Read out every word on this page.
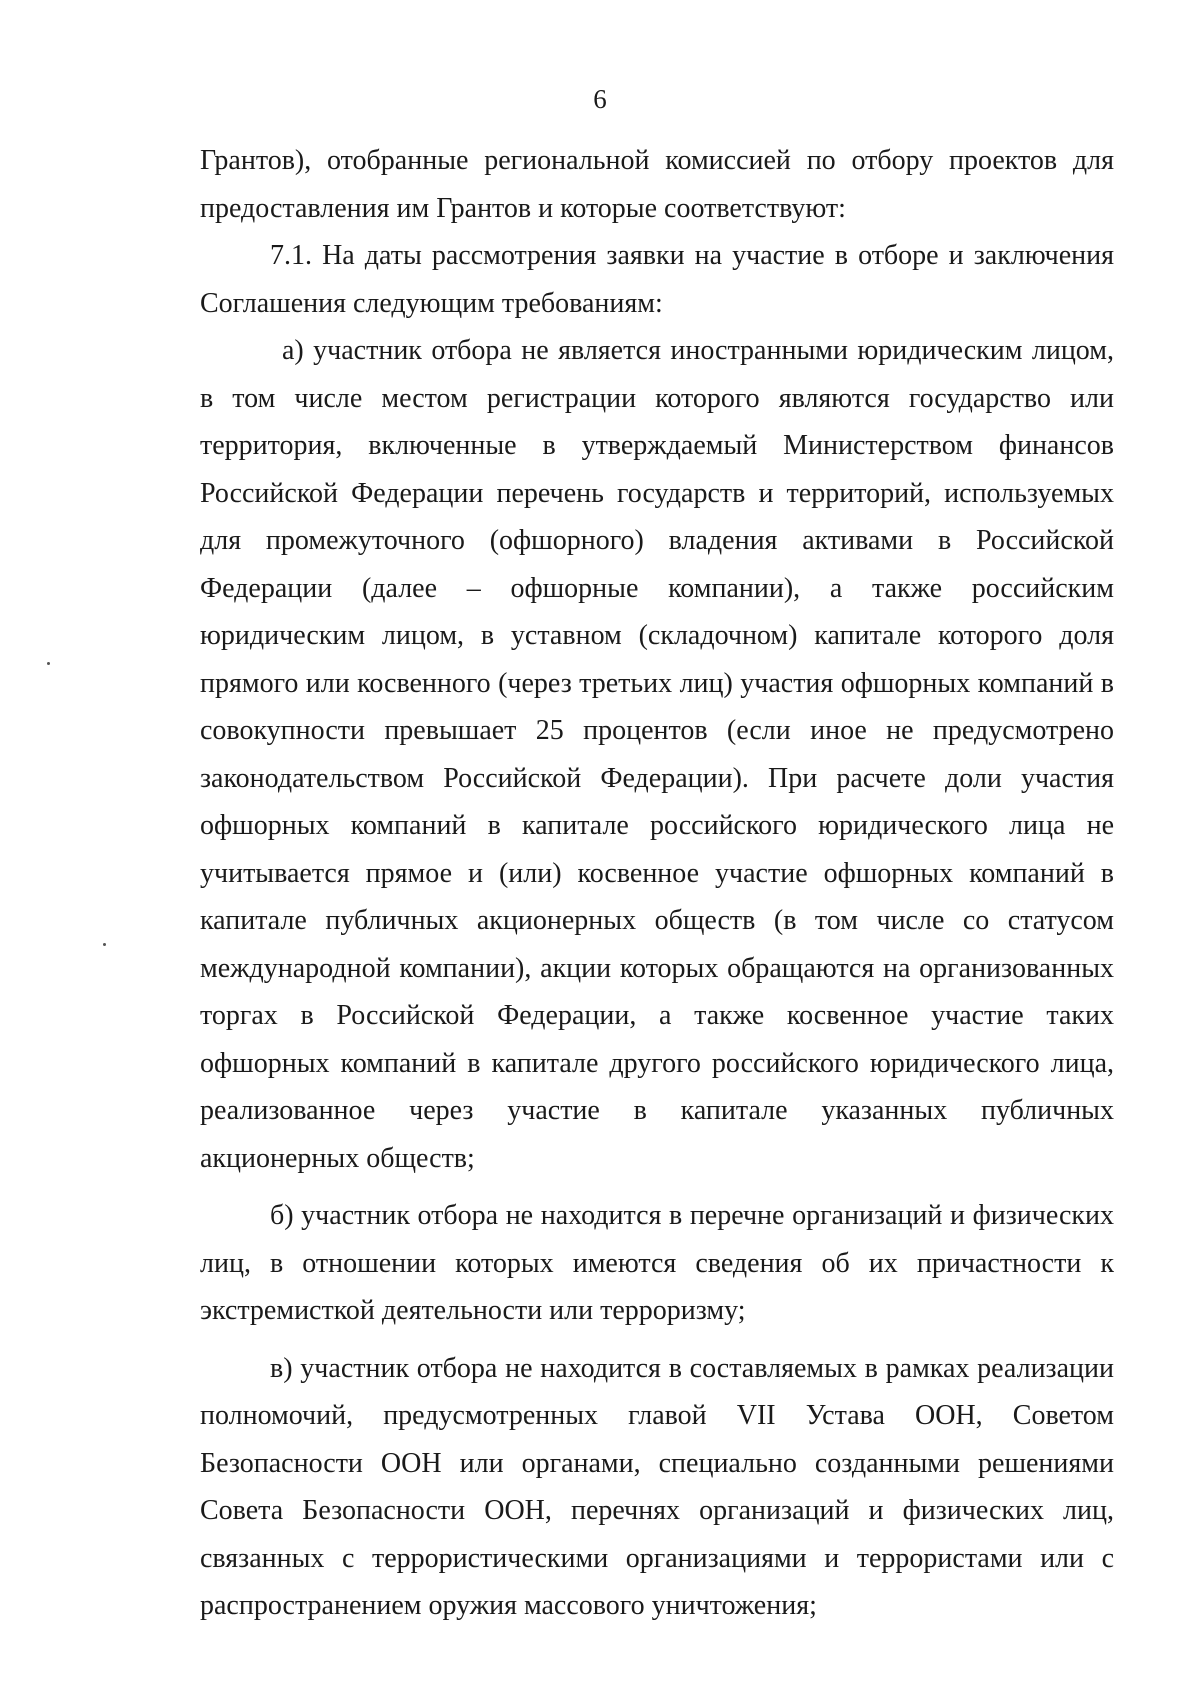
6

Грантов), отобранные региональной комиссией по отбору проектов для предоставления им Грантов и которые соответствуют:

7.1. На даты рассмотрения заявки на участие в отборе и заключения Соглашения следующим требованиям:

а) участник отбора не является иностранными юридическим лицом, в том числе местом регистрации которого являются государство или территория, включенные в утверждаемый Министерством финансов Российской Федерации перечень государств и территорий, используемых для промежуточного (офшорного) владения активами в Российской Федерации (далее – офшорные компании), а также российским юридическим лицом, в уставном (складочном) капитале которого доля прямого или косвенного (через третьих лиц) участия офшорных компаний в совокупности превышает 25 процентов (если иное не предусмотрено законодательством Российской Федерации). При расчете доли участия офшорных компаний в капитале российского юридического лица не учитывается прямое и (или) косвенное участие офшорных компаний в капитале публичных акционерных обществ (в том числе со статусом международной компании), акции которых обращаются на организованных торгах в Российской Федерации, а также косвенное участие таких офшорных компаний в капитале другого российского юридического лица, реализованное через участие в капитале указанных публичных акционерных обществ;

б) участник отбора не находится в перечне организаций и физических лиц, в отношении которых имеются сведения об их причастности к экстремисткой деятельности или терроризму;

в) участник отбора не находится в составляемых в рамках реализации полномочий, предусмотренных главой VII Устава ООН, Советом Безопасности ООН или органами, специально созданными решениями Совета Безопасности ООН, перечнях организаций и физических лиц, связанных с террористическими организациями и террористами или с распространением оружия массового уничтожения;
